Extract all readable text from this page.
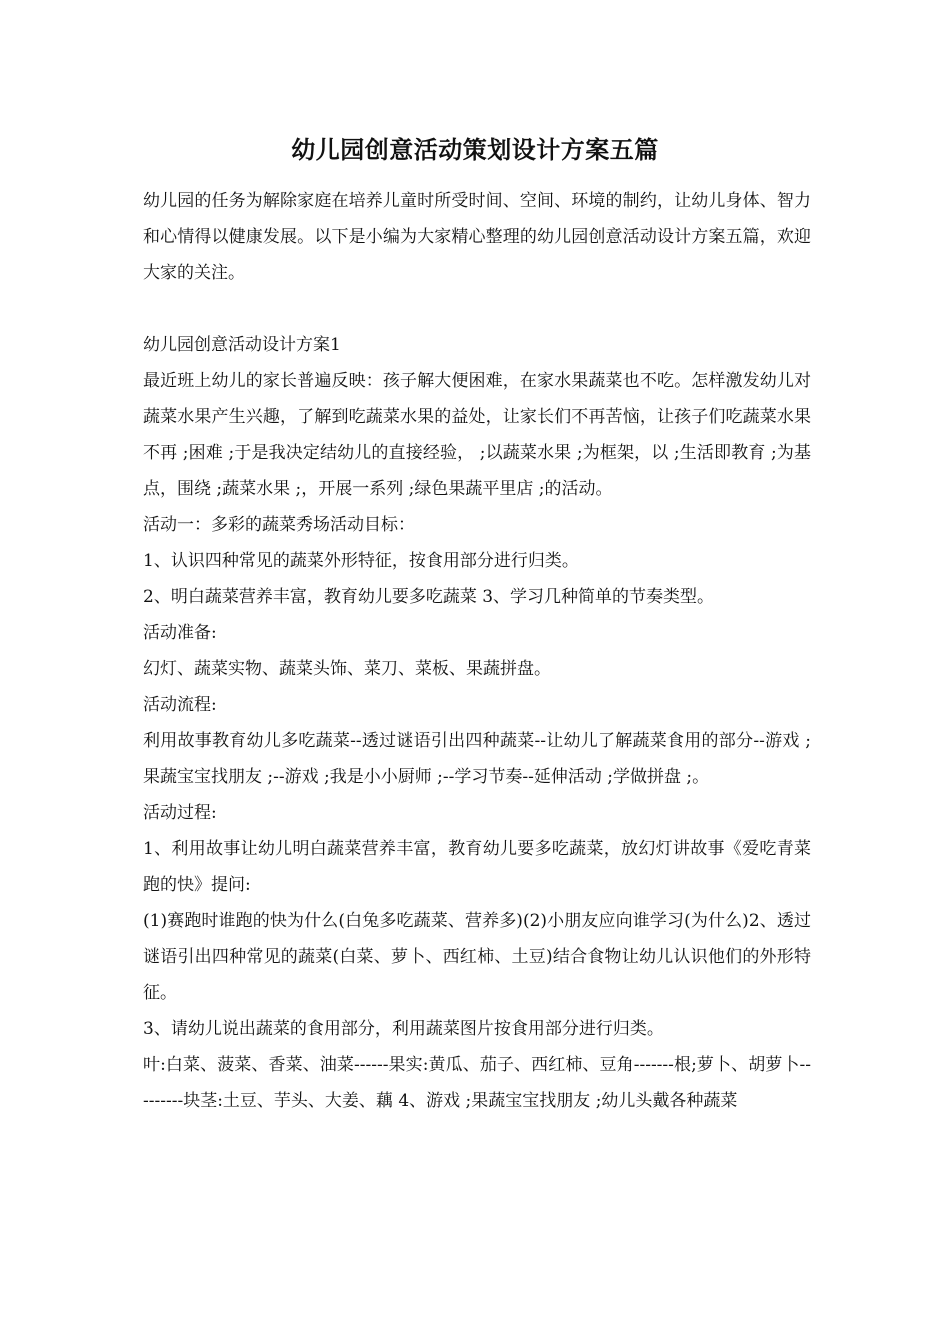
幼儿园创意活动策划设计方案五篇

幼儿园的任务为解除家庭在培养儿童时所受时间、空间、环境的制约，让幼儿身体、智力和心情得以健康发展。以下是小编为大家精心整理的幼儿园创意活动设计方案五篇，欢迎大家的关注。

幼儿园创意活动设计方案1

最近班上幼儿的家长普遍反映：孩子解大便困难，在家水果蔬菜也不吃。怎样激发幼儿对蔬菜水果产生兴趣，了解到吃蔬菜水果的益处，让家长们不再苦恼，让孩子们吃蔬菜水果不再 ;困难 ;于是我决定结幼儿的直接经验， ;以蔬菜水果 ;为框架，以 ;生活即教育 ;为基点，围绕 ;蔬菜水果 ;，开展一系列 ;绿色果蔬平里店 ;的活动。

活动一：多彩的蔬菜秀场活动目标：

1、认识四种常见的蔬菜外形特征，按食用部分进行归类。

2、明白蔬菜营养丰富，教育幼儿要多吃蔬菜 3、学习几种简单的节奏类型。

活动准备:

幻灯、蔬菜实物、蔬菜头饰、菜刀、菜板、果蔬拼盘。

活动流程:

利用故事教育幼儿多吃蔬菜--透过谜语引出四种蔬菜--让幼儿了解蔬菜食用的部分--游戏 ;果蔬宝宝找朋友 ;--游戏 ;我是小小厨师 ;--学习节奏--延伸活动 ;学做拼盘 ;。

活动过程:

1、利用故事让幼儿明白蔬菜营养丰富，教育幼儿要多吃蔬菜，放幻灯讲故事《爱吃青菜跑的快》提问:

(1)赛跑时谁跑的快为什么(白兔多吃蔬菜、营养多)(2)小朋友应向谁学习(为什么)2、透过谜语引出四种常见的蔬菜(白菜、萝卜、西红柿、土豆)结合食物让幼儿认识他们的外形特征。

3、请幼儿说出蔬菜的食用部分，利用蔬菜图片按食用部分进行归类。

叶:白菜、菠菜、香菜、油菜------果实:黄瓜、茄子、西红柿、豆角-------根;萝卜、胡萝卜---------块茎:土豆、芋头、大姜、藕 4、游戏 ;果蔬宝宝找朋友 ;幼儿头戴各种蔬菜
